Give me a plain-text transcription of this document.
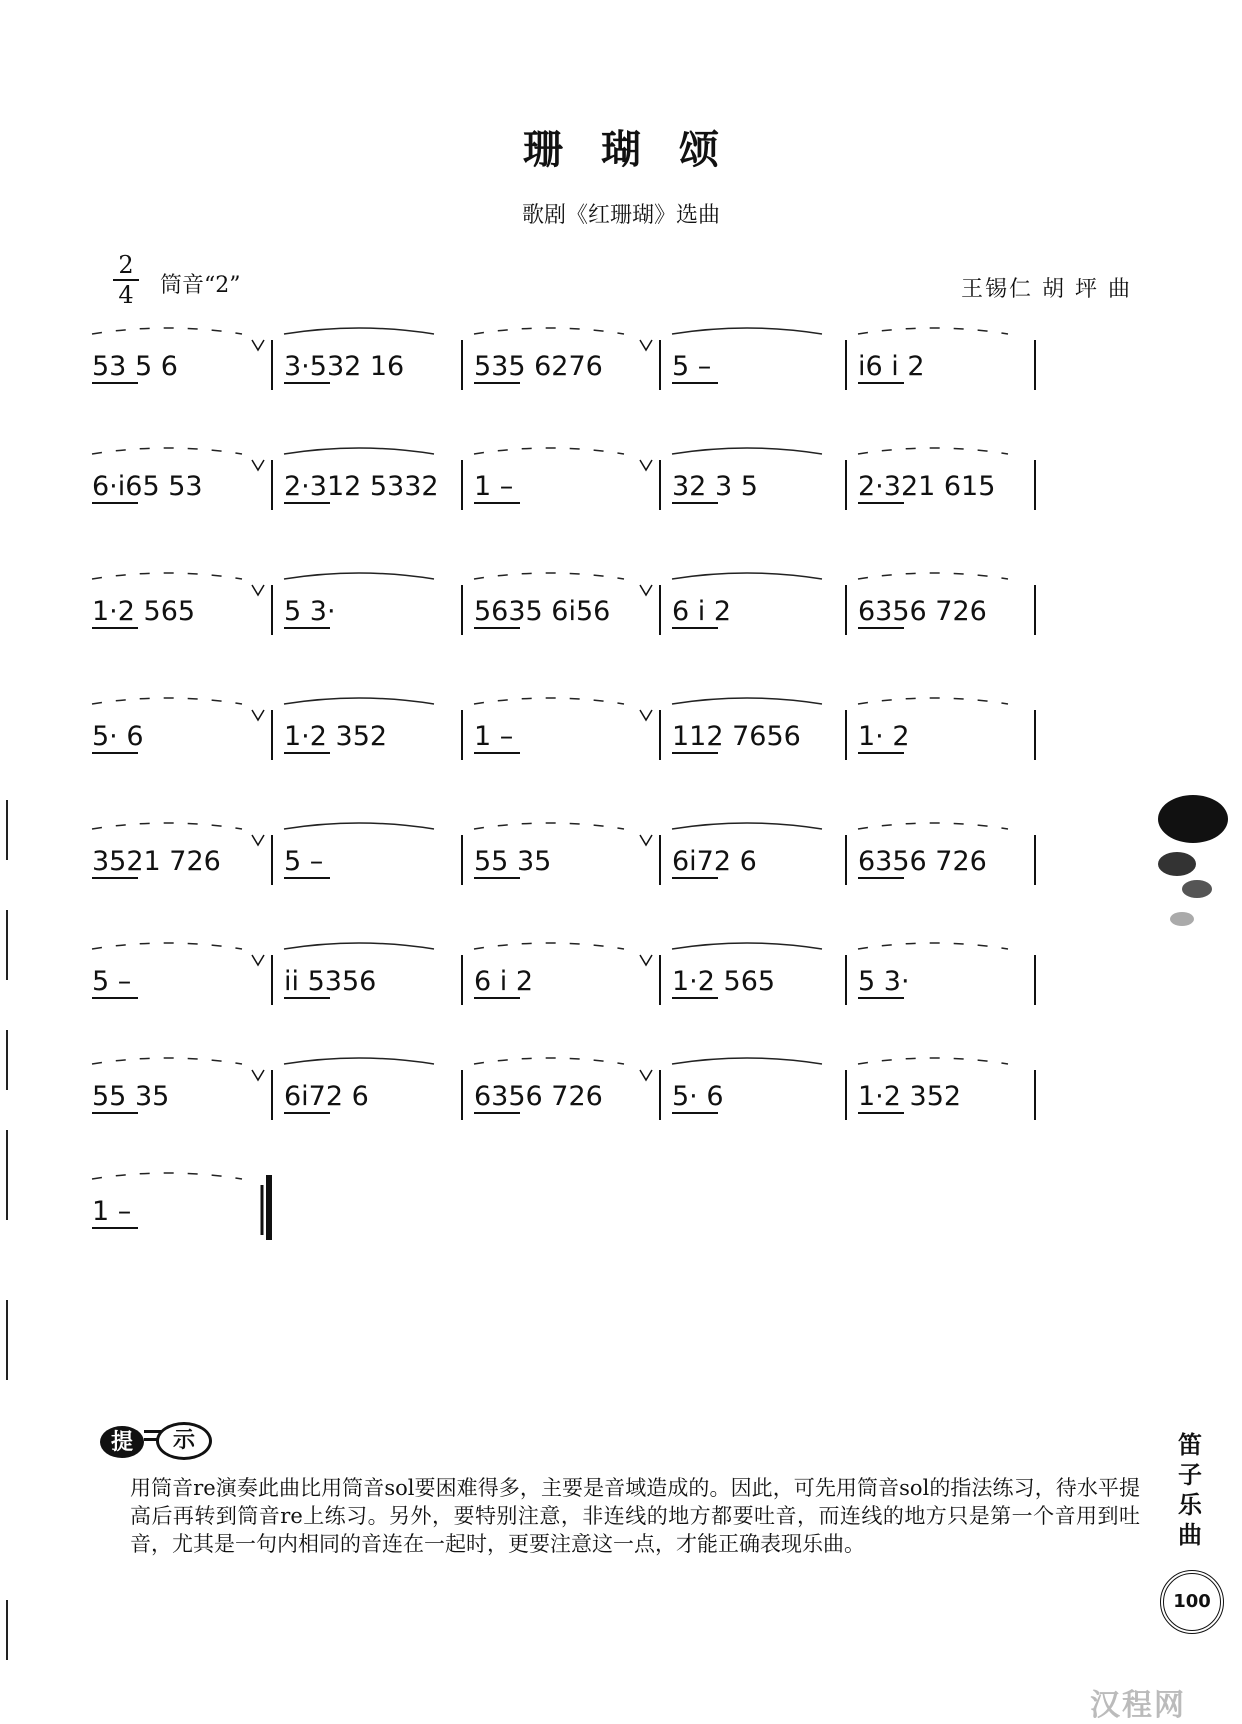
珊瑚颂
歌剧《红珊瑚》选曲
2
4 筒音“2”	王锡仁 胡 坪 曲
53 5 6	3·532 16	535 6276	5 –	i6 i 2
6·i65 53	2·312 5332 1 –	32 3 5	2·321 615
1·2 565	5 3·	5635 6i56 6 i 2	6356 726
5· 6	1·2 352	1 –	112 7656 1· 2
3521 726 5 –	55 35	6i72 6	6356 726
5 –	ii 5356	6 i 2	1·2 565	5 3·
55 35	6i72 6	6356 726	5· 6	1·2 352
1 –
提	示

用筒音re演奏此曲比用筒音sol要困难得多，主要是音域造成的。因此，可先用筒音sol的指法练习，待水平提高后再转到筒音re上练习。另外，要特别注意，非连线的地方都要吐音，而连线的地方只是第一个音用到吐音，尤其是一句内相同的音连在一起时，更要注意这一点，才能正确表现乐曲。

笛子乐曲
100
汉程网
